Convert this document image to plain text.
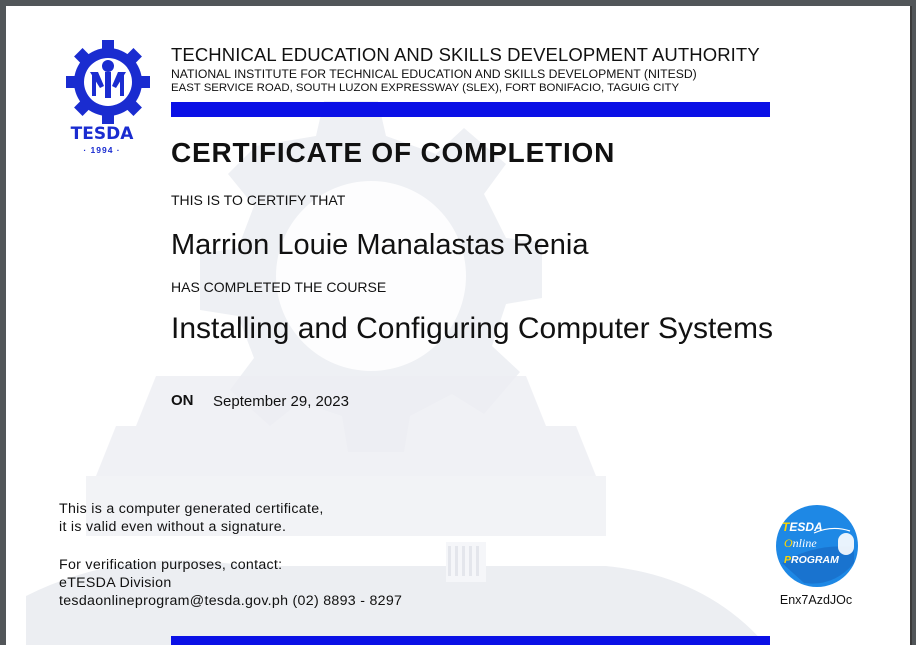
TESDA
· 1994 ·
TECHNICAL EDUCATION AND SKILLS DEVELOPMENT AUTHORITY
NATIONAL INSTITUTE FOR TECHNICAL EDUCATION AND SKILLS DEVELOPMENT (NITESD)
EAST SERVICE ROAD, SOUTH LUZON EXPRESSWAY (SLEX), FORT BONIFACIO, TAGUIG CITY
CERTIFICATE OF COMPLETION
THIS IS TO CERTIFY THAT
Marrion Louie Manalastas Renia
HAS COMPLETED THE COURSE
Installing and Configuring Computer Systems
ON September 29, 2023
This is a computer generated certificate,
it is valid even without a signature.
For verification purposes, contact:
eTESDA Division
tesdaonlineprogram@tesda.gov.ph (02) 8893 - 8297
TESDA
Online
PROGRAM
Enx7AzdJOc
